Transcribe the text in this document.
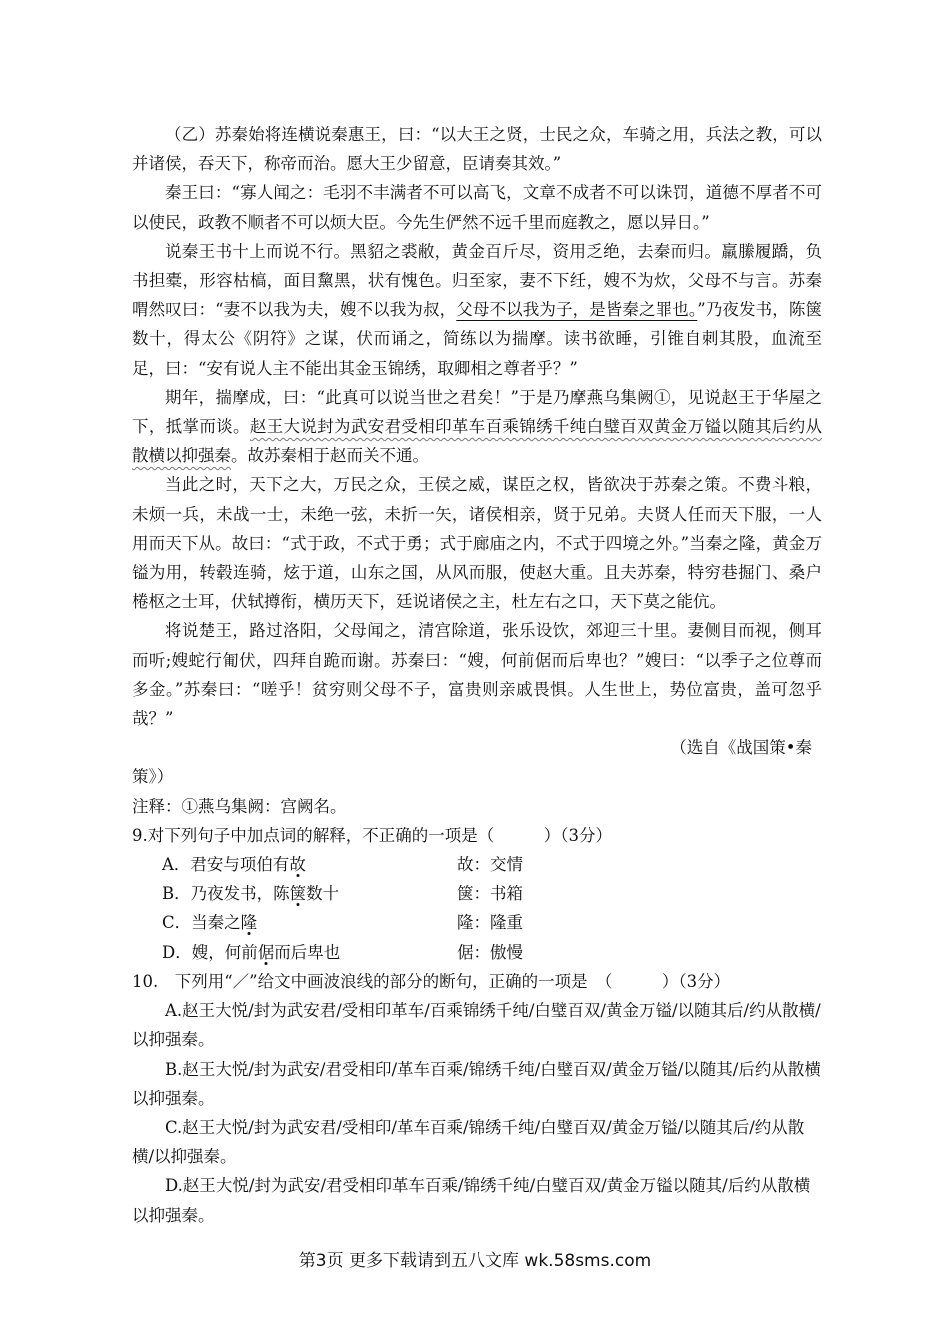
（乙）苏秦始将连横说秦惠王，曰：“以大王之贤，士民之众，车骑之用，兵法之教，可以并诸侯，吞天下，称帝而治。愿大王少留意，臣请奏其效。”

秦王曰：“寡人闻之：毛羽不丰满者不可以高飞，文章不成者不可以诛罚，道德不厚者不可以使民，政教不顺者不可以烦大臣。今先生俨然不远千里而庭教之，愿以异日。”

说秦王书十上而说不行。黑貂之裘敝，黄金百斤尽，资用乏绝，去秦而归。羸縢履蹻，负书担橐，形容枯槁，面目黧黑，状有愧色。归至家，妻不下纴，嫂不为炊，父母不与言。苏秦喟然叹曰：“妻不以我为夫，嫂不以我为叔，父母不以我为子，是皆秦之罪也。”乃夜发书，陈箧数十，得太公《阴符》之谋，伏而诵之，简练以为揣摩。读书欲睡，引锥自刺其股，血流至足，曰：“安有说人主不能出其金玉锦绣，取卿相之尊者乎？”

期年，揣摩成，曰：“此真可以说当世之君矣！”于是乃摩燕乌集阙①，见说赵王于华屋之下，抵掌而谈。赵王大说封为武安君受相印革车百乘锦绣千纯白璧百双黄金万镒以随其后约从散横以抑强秦。故苏秦相于赵而关不通。

当此之时，天下之大，万民之众，王侯之威，谋臣之权，皆欲决于苏秦之策。不费斗粮，未烦一兵，未战一士，未绝一弦，未折一矢，诸侯相亲，贤于兄弟。夫贤人任而天下服，一人用而天下从。故曰：“式于政，不式于勇；式于廊庙之内，不式于四境之外。”当秦之隆，黄金万镒为用，转毂连骑，炫于道，山东之国，从风而服，使赵大重。且夫苏秦，特穷巷掘门、桑户棬枢之士耳，伏轼撙衔，横历天下，廷说诸侯之主，杜左右之口，天下莫之能伉。

将说楚王，路过洛阳，父母闻之，清宫除道，张乐设饮，郊迎三十里。妻侧目而视，侧耳而听;嫂蛇行匍伏，四拜自跪而谢。苏秦曰：“嫂，何前倨而后卑也？”嫂曰：“以季子之位尊而多金。”苏秦曰：“嗟乎！贫穷则父母不子，富贵则亲戚畏惧。人生世上，势位富贵，盖可忽乎哉？”

（选自《战国策•秦

策》）

注释：①燕乌集阙：宫阙名。

9.对下列句子中加点词的解释，不正确的一项是（　　　）（3分）

A．君安与项伯有故	故：交情
B．乃夜发书，陈箧数十	箧：书箱
C．当秦之隆	隆：隆重
D．嫂，何前倨而后卑也	倨：傲慢

10.　下列用“／”给文中画波浪线的部分的断句，正确的一项是　（　　　）（3分）

A.赵王大悦/封为武安君/受相印革车/百乘锦绣千纯/白璧百双/黄金万镒/以随其后/约从散横/以抑强秦。

B.赵王大悦/封为武安/君受相印/革车百乘/锦绣千纯/白璧百双/黄金万镒/以随其/后约从散横以抑强秦。

C.赵王大悦/封为武安君/受相印/革车百乘/锦绣千纯/白璧百双/黄金万镒/以随其后/约从散横/以抑强秦。

D.赵王大悦/封为武安/君受相印革车百乘/锦绣千纯/白璧百双/黄金万镒以随其/后约从散横以抑强秦。

第3页 更多下载请到五八文库 wk.58sms.com
